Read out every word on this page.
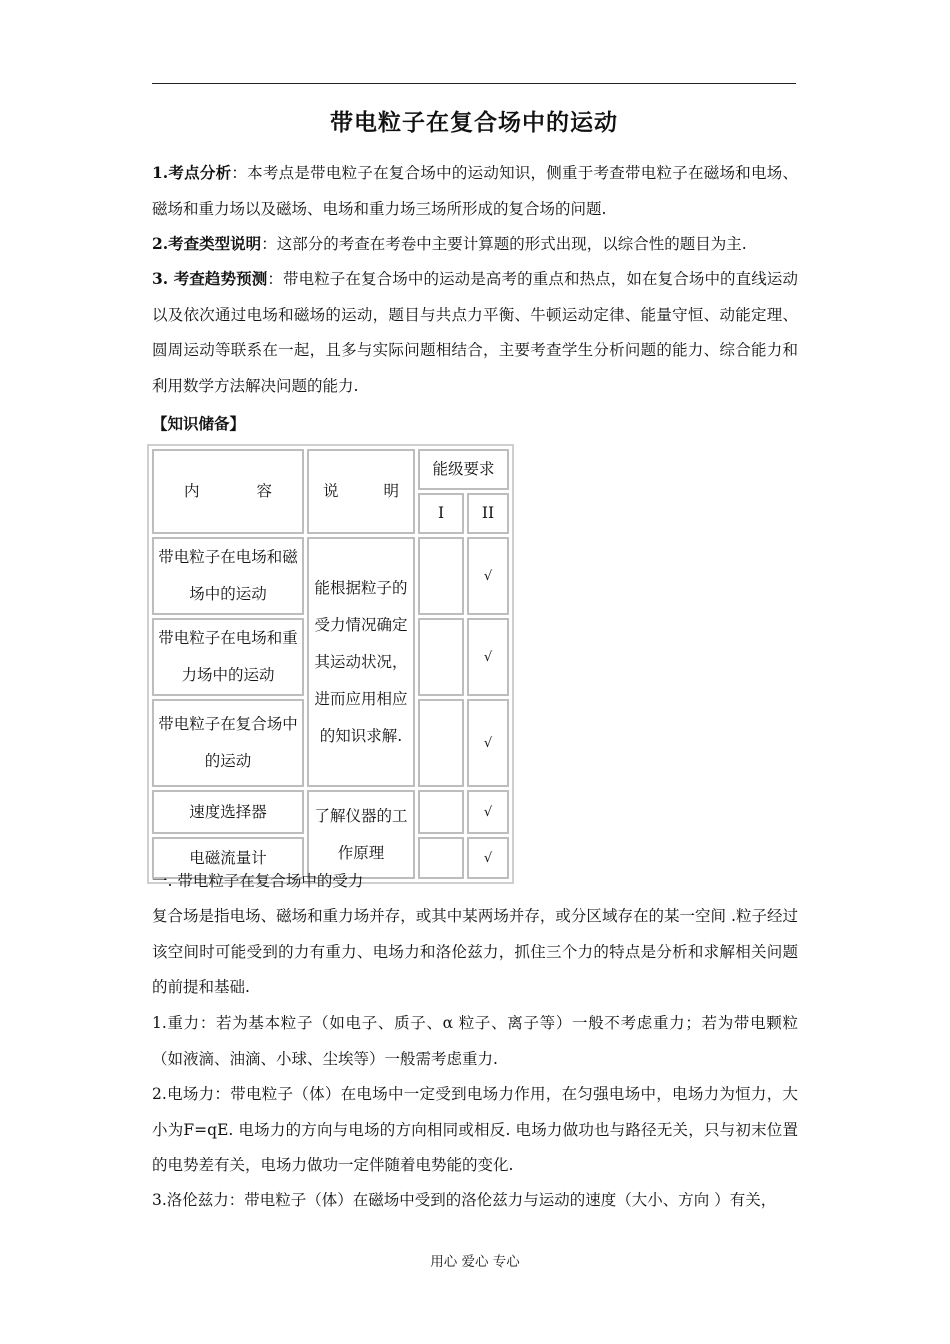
带电粒子在复合场中的运动
1.考点分析：本考点是带电粒子在复合场中的运动知识，侧重于考查带电粒子在磁场和电场、磁场和重力场以及磁场、电场和重力场三场所形成的复合场的问题.
2.考查类型说明：这部分的考查在考卷中主要计算题的形式出现，以综合性的题目为主.
3. 考查趋势预测：带电粒子在复合场中的运动是高考的重点和热点，如在复合场中的直线运动以及依次通过电场和磁场的运动，题目与共点力平衡、牛顿运动定律、能量守恒、动能定理、圆周运动等联系在一起，且多与实际问题相结合，主要考查学生分析问题的能力、综合能力和利用数学方法解决问题的能力.
【知识储备】
内 容	说 明	能级要求	
		I	II
带电粒子在电场和磁场中的运动	能根据粒子的受力情况确定其运动状况，进而应用相应的知识求解.		√
带电粒子在电场和重力场中的运动			√
带电粒子在复合场中的运动			√
速度选择器	了解仪器的工作原理		√
电磁流量计			√
一. 带电粒子在复合场中的受力
复合场是指电场、磁场和重力场并存，或其中某两场并存，或分区域存在的某一空间 .粒子经过该空间时可能受到的力有重力、电场力和洛伦兹力，抓住三个力的特点是分析和求解相关问题的前提和基础.
1.重力：若为基本粒子（如电子、质子、α 粒子、离子等）一般不考虑重力；若为带电颗粒（如液滴、油滴、小球、尘埃等）一般需考虑重力.
2.电场力：带电粒子（体）在电场中一定受到电场力作用，在匀强电场中，电场力为恒力，大小为F=qE. 电场力的方向与电场的方向相同或相反. 电场力做功也与路径无关，只与初末位置的电势差有关，电场力做功一定伴随着电势能的变化.
3.洛伦兹力：带电粒子（体）在磁场中受到的洛伦兹力与运动的速度（大小、方向 ）有关，
用心 爱心 专心
